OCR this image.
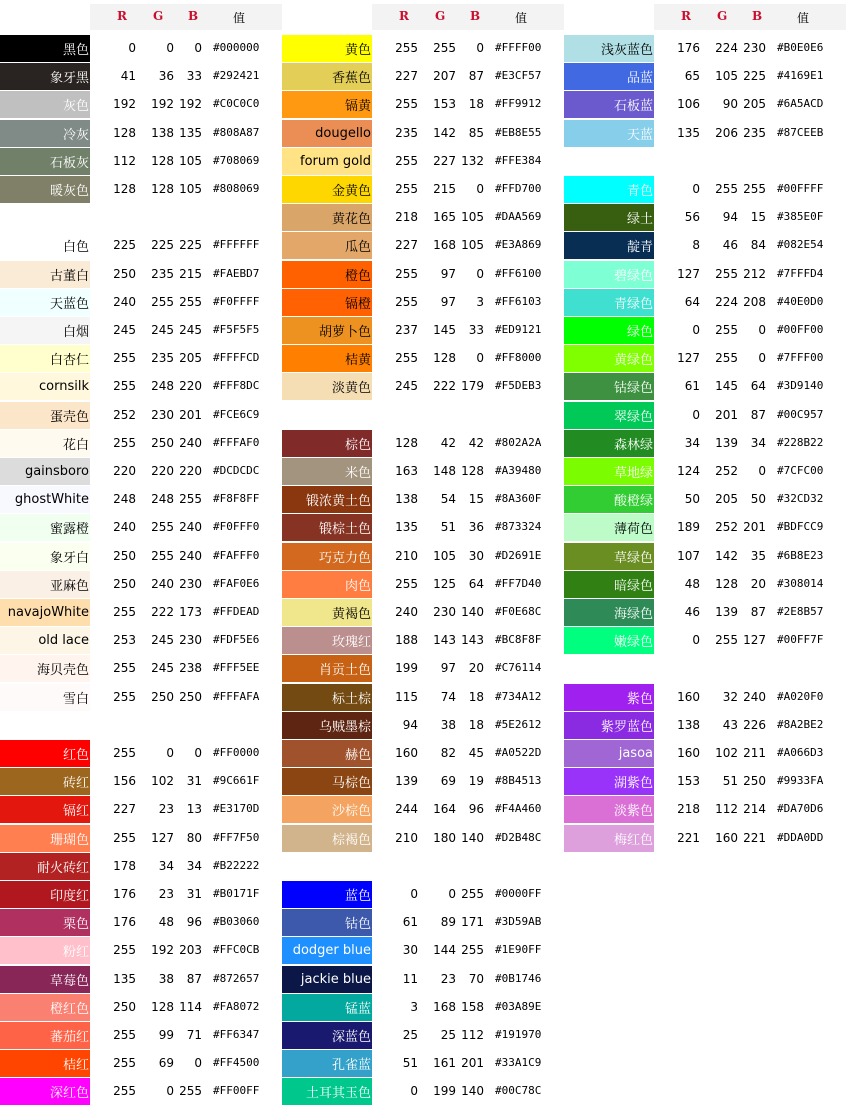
R G B	值
黑色	0	0	0 #000000
象牙黑	41	36	33 #292421
灰色	192	192 192 #C0C0C0
冷灰	128	138 135 #808A87
石板灰	112	128 105 #708069
暖灰色	128	128 105 #808069
白色	225	225 225 #FFFFFF
古董白	250	235 215 #FAEBD7
天蓝色	240	255 255 #F0FFFF
白烟	245	245 245 #F5F5F5
白杏仁	255	235 205 #FFFFCD
cornsilk	255	248 220 #FFF8DC
蛋壳色	252	230 201 #FCE6C9
花白	255	250 240 #FFFAF0
gainsboro	220	220 220 #DCDCDC
ghostWhite	248	248 255 #F8F8FF
蜜露橙	240	255 240 #F0FFF0
象牙白	250	255 240 #FAFFF0
亚麻色	250	240 230 #FAF0E6
navajoWhite	255	222 173 #FFDEAD
old lace	253	245 230 #FDF5E6
海贝壳色	255	245 238 #FFF5EE
雪白	255	250 250 #FFFAFA
红色	255	0	0 #FF0000
砖红	156	102	31 #9C661F
镉红	227	23	13 #E3170D
珊瑚色	255	127	80 #FF7F50
耐火砖红	178	34	34 #B22222
印度红	176	23	31 #B0171F
栗色	176	48	96 #B03060
粉红	255	192 203 #FFC0CB
草莓色	135	38	87 #872657
橙红色	250	128 114 #FA8072
蕃茄红	255	99	71 #FF6347
桔红	255	69	0 #FF4500
深红色	255	0 255 #FF00FF
R G B	值
黄色	255	255	0 #FFFF00
香蕉色	227	207	87 #E3CF57
镉黄	255	153	18 #FF9912
dougello	235	142	85 #EB8E55
forum gold	255	227 132 #FFE384
金黄色	255	215	0 #FFD700
黄花色	218	165 105 #DAA569
瓜色	227	168 105 #E3A869
橙色	255	97	0 #FF6100
镉橙	255	97	3 #FF6103
胡萝卜色	237	145	33 #ED9121
桔黄	255	128	0 #FF8000
淡黄色	245	222 179 #F5DEB3
棕色	128	42	42 #802A2A
米色	163	148 128 #A39480
锻浓黄土色	138	54	15 #8A360F
锻棕土色	135	51	36 #873324
巧克力色	210	105	30 #D2691E
肉色	255	125	64 #FF7D40
黄褐色	240	230 140 #F0E68C
玫瑰红	188	143 143 #BC8F8F
肖贡土色	199	97	20 #C76114
标土棕	115	74	18 #734A12
乌贼墨棕	94	38	18 #5E2612
赫色	160	82	45 #A0522D
马棕色	139	69	19 #8B4513
沙棕色	244	164	96 #F4A460
棕褐色	210	180 140 #D2B48C
蓝色	0	0 255 #0000FF
钴色	61	89 171 #3D59AB
dodger blue	30	144 255 #1E90FF
jackie blue	11	23	70 #0B1746
锰蓝	3	168 158 #03A89E
深蓝色	25	25 112 #191970
孔雀蓝	51	161 201 #33A1C9
土耳其玉色	0	199 140 #00C78C
R G B	值
浅灰蓝色	176	224 230 #B0E0E6
品蓝	65	105 225 #4169E1
石板蓝	106	90 205 #6A5ACD
天蓝	135	206 235 #87CEEB
青色	0	255 255 #00FFFF
绿土	56	94	15 #385E0F
靛青	8	46	84 #082E54
碧绿色	127	255 212 #7FFFD4
青绿色	64	224 208 #40E0D0
绿色	0	255	0 #00FF00
黄绿色	127	255	0 #7FFF00
钴绿色	61	145	64 #3D9140
翠绿色	0	201	87 #00C957
森林绿	34	139	34 #228B22
草地绿	124	252	0 #7CFC00
酸橙绿	50	205	50 #32CD32
薄荷色	189	252 201 #BDFCC9
草绿色	107	142	35 #6B8E23
暗绿色	48	128	20 #308014
海绿色	46	139	87 #2E8B57
嫩绿色	0	255 127 #00FF7F
紫色	160	32 240 #A020F0
紫罗蓝色	138	43 226 #8A2BE2
jasoa	160	102 211 #A066D3
湖紫色	153	51 250 #9933FA
淡紫色	218	112 214 #DA70D6
梅红色	221	160 221 #DDA0DD
